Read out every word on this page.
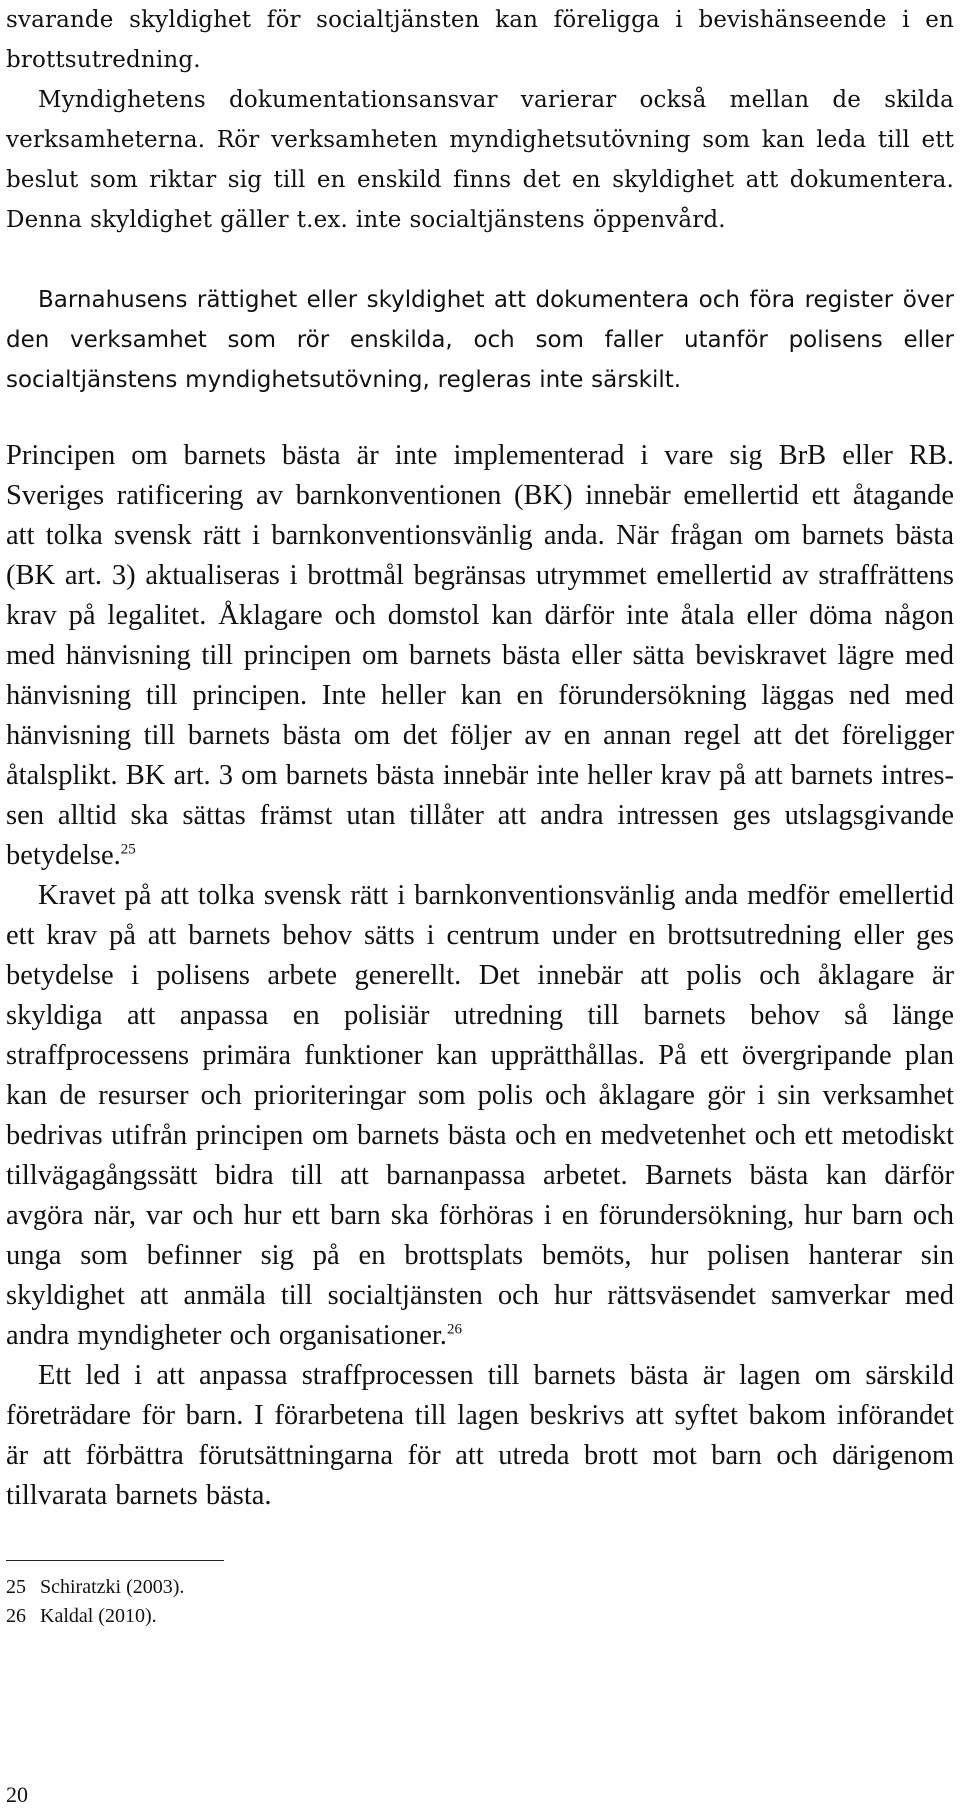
svarande skyldighet för socialtjänsten kan föreligga i bevishänseende i en brottsutredning.

Myndighetens dokumentationsansvar varierar också mellan de skilda verksamheterna. Rör verksamheten myndighetsutövning som kan leda till ett beslut som riktar sig till en enskild finns det en skyldighet att dokumentera. Denna skyldighet gäller t.ex. inte socialtjänstens öppenvård.

Barnahusens rättighet eller skyldighet att dokumentera och föra register över den verksamhet som rör enskilda, och som faller utanför polisens eller socialtjänstens myndighetsutövning, regleras inte särskilt.

Principen om barnets bästa är inte implementerad i vare sig BrB eller RB. Sveriges ratificering av barnkonventionen (BK) innebär emellertid ett åtagande att tolka svensk rätt i barnkonventionsvänlig anda. När frågan om barnets bästa (BK art. 3) aktualiseras i brottmål begränsas utrymmet emellertid av straffrättens krav på legalitet. Åklagare och domstol kan därför inte åtala eller döma någon med hänvisning till principen om barnets bästa eller sätta beviskravet lägre med hänvisning till principen. Inte heller kan en förundersökning läggas ned med hänvisning till barnets bästa om det följer av en annan regel att det föreligger åtalsplikt. BK art. 3 om barnets bästa innebär inte heller krav på att barnets intressen alltid ska sättas främst utan tillåter att andra intressen ges utslagsgivande betydelse.$^{25}$

Kravet på att tolka svensk rätt i barnkonventionsvänlig anda medför emellertid ett krav på att barnets behov sätts i centrum under en brottsutredning eller ges betydelse i polisens arbete generellt. Det innebär att polis och åklagare är skyldiga att anpassa en polisiär utredning till barnets behov så länge straffprocessens primära funktioner kan upprätthållas. På ett övergripande plan kan de resurser och prioriteringar som polis och åklagare gör i sin verksamhet bedrivas utifrån principen om barnets bästa och en medvetenhet och ett metodiskt tillvägagångssätt bidra till att barnanpassa arbetet. Barnets bästa kan därför avgöra när, var och hur ett barn ska förhöras i en förundersökning, hur barn och unga som befinner sig på en brottsplats bemöts, hur polisen hanterar sin skyldighet att anmäla till socialtjänsten och hur rättsväsendet samverkar med andra myndigheter och organisationer.$^{26}$

Ett led i att anpassa straffprocessen till barnets bästa är lagen om särskild företrädare för barn. I förarbetena till lagen beskrivs att syftet bakom införandet är att förbättra förutsättningarna för att utreda brott mot barn och därigenom tillvarata barnets bästa.

25 Schiratzki (2003).
26 Kaldal (2010).
20
